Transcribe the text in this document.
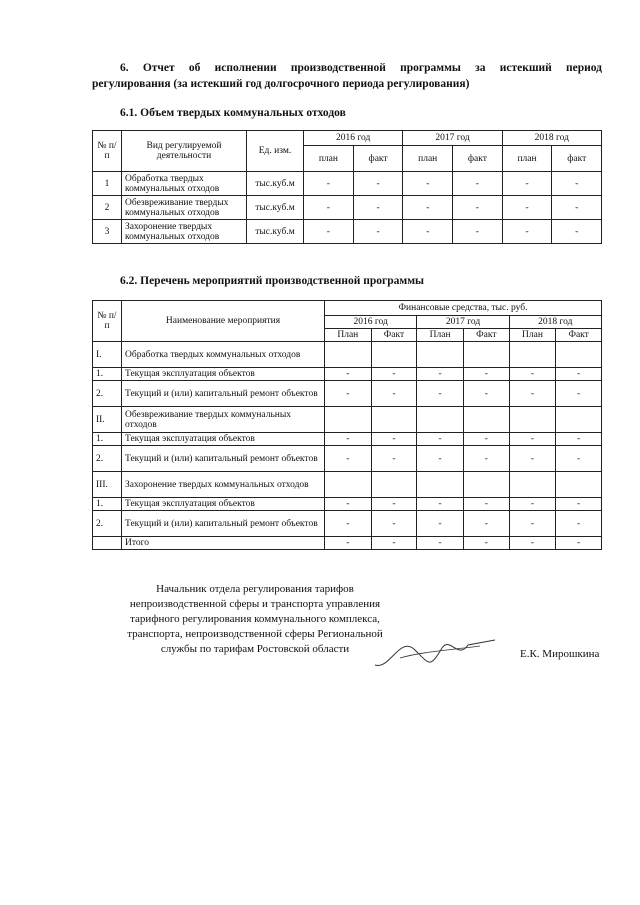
6. Отчет об исполнении производственной программы за истекший период

регулирования (за истекший год долгосрочного периода регулирования)

6.1. Объем твердых коммунальных отходов
№ п/п	Вид регулируемой деятельности	Ед. изм.	2016 год		2017 год		2018 год	
			план	факт	план	факт	план	факт
1	Обработка твердых коммунальных отходов	тыс.куб.м	-	-	-	-	-	-
2	Обезвреживание твердых коммунальных отходов	тыс.куб.м	-	-	-	-	-	-
3	Захоронение твердых коммунальных отходов	тыс.куб.м	-	-	-	-	-	-
6.2. Перечень мероприятий производственной программы
№ п/п	Наименование мероприятия	Финансовые средства, тыс. руб.					
		2016 год		2017 год		2018 год	
		План	Факт	План	Факт	План	Факт
I.	Обработка твердых коммунальных отходов						
1.	Текущая эксплуатация объектов	-	-	-	-	-	-
2.	Текущий и (или) капитальный ремонт объектов	-	-	-	-	-	-
II.	Обезвреживание твердых коммунальных отходов						
1.	Текущая эксплуатация объектов	-	-	-	-	-	-
2.	Текущий и (или) капитальный ремонт объектов	-	-	-	-	-	-
III.	Захоронение твердых коммунальных отходов						
1.	Текущая эксплуатация объектов	-	-	-	-	-	-
2.	Текущий и (или) капитальный ремонт объектов	-	-	-	-	-	-
	Итого	-	-	-	-	-	-

Начальник отдела регулирования тарифов

непроизводственной сферы и транспорта управления

тарифного регулирования коммунального комплекса,

транспорта, непроизводственной сферы Региональной

службы по тарифам Ростовской области	Е.К. Мирошкина
